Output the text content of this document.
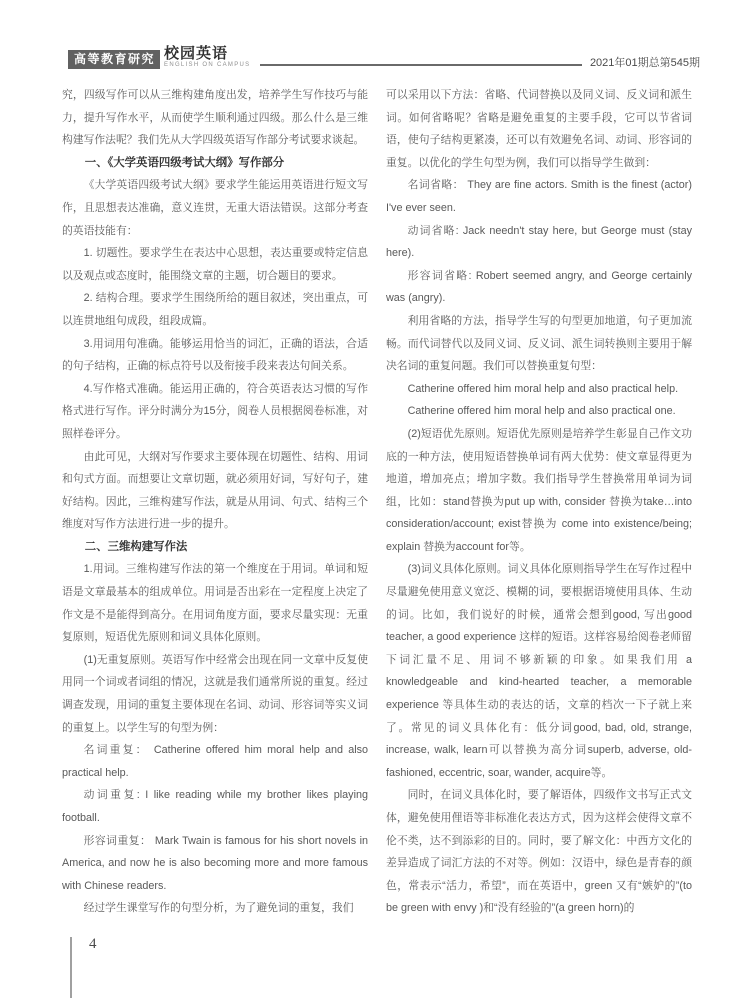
高等教育研究 校园英语
ENGLISH ON CAMPUS	2021年01期总第545期

究，四级写作可以从三维构建角度出发，培养学生写作技巧与能力，提升写作水平，从而使学生顺利通过四级。那么什么是三维构建写作法呢？我们先从大学四级英语写作部分考试要求谈起。

一、《大学英语四级考试大纲》写作部分

《大学英语四级考试大纲》要求学生能运用英语进行短文写作，且思想表达准确，意义连贯，无重大语法错误。这部分考查的英语技能有：

1. 切题性。要求学生在表达中心思想，表达重要或特定信息以及观点或态度时，能围绕文章的主题，切合题目的要求。

2. 结构合理。要求学生围绕所给的题目叙述，突出重点，可以连贯地组句成段，组段成篇。

3.用词用句准确。能够运用恰当的词汇，正确的语法，合适的句子结构，正确的标点符号以及衔接手段来表达句间关系。

4.写作格式准确。能运用正确的，符合英语表达习惯的写作格式进行写作。评分时满分为15分，阅卷人员根据阅卷标准，对照样卷评分。

由此可见，大纲对写作要求主要体现在切题性、结构、用词和句式方面。而想要让文章切题，就必须用好词，写好句子，建好结构。因此，三维构建写作法，就是从用词、句式、结构三个维度对写作方法进行进一步的提升。

二、三维构建写作法

1.用词。三维构建写作法的第一个维度在于用词。单词和短语是文章最基本的组成单位。用词是否出彩在一定程度上决定了作文是不是能得到高分。在用词角度方面，要求尽量实现：无重复原则，短语优先原则和词义具体化原则。

(1)无重复原则。英语写作中经常会出现在同一文章中反复使用同一个词或者词组的情况，这就是我们通常所说的重复。经过调查发现，用词的重复主要体现在名词、动词、形容词等实义词的重复上。以学生写的句型为例：

名词重复： Catherine offered him moral help and also practical help.

动词重复: I like reading while my brother likes playing football.

形容词重复： Mark Twain is famous for his short novels in America, and now he is also becoming more and more famous with Chinese readers.

经过学生课堂写作的句型分析，为了避免词的重复，我们

可以采用以下方法：省略、代词替换以及同义词、反义词和派生词。如何省略呢？省略是避免重复的主要手段，它可以节省词语，使句子结构更紧凑，还可以有效避免名词、动词、形容词的重复。以优化的学生句型为例，我们可以指导学生做到：

名词省略： They are fine actors. Smith is the finest (actor) I've ever seen.

动词省略: Jack needn't stay here, but George must (stay here).

形容词省略: Robert seemed angry, and George certainly was (angry).

利用省略的方法，指导学生写的句型更加地道，句子更加流畅。而代词替代以及同义词、反义词、派生词转换则主要用于解决名词的重复问题。我们可以替换重复句型：

Catherine offered him moral help and also practical help.

Catherine offered him moral help and also practical one.

(2)短语优先原则。短语优先原则是培养学生彰显自己作文功底的一种方法，使用短语替换单词有两大优势：使文章显得更为地道，增加亮点；增加字数。我们指导学生替换常用单词为词组，比如：stand替换为put up with, consider 替换为take…into consideration/account; exist替换为 come into existence/being; explain 替换为account for等。

(3)词义具体化原则。词义具体化原则指导学生在写作过程中尽量避免使用意义宽泛、模糊的词，要根据语境使用具体、生动的词。比如，我们说好的时候，通常会想到good, 写出good teacher, a good experience 这样的短语。这样容易给阅卷老师留下词汇量不足、用词不够新颖的印象。如果我们用 a knowledgeable and kind-hearted teacher, a memorable experience 等具体生动的表达的话，文章的档次一下子就上来了。常见的词义具体化有：低分词good, bad, old, strange, increase, walk, learn可以替换为高分词superb, adverse, old-fashioned, eccentric, soar, wander, acquire等。

同时，在词义具体化时，要了解语体，四级作文书写正式文体，避免使用俚语等非标准化表达方式，因为这样会使得文章不伦不类，达不到添彩的目的。同时，要了解文化：中西方文化的差异造成了词汇方法的不对等。例如：汉语中，绿色是青春的颜色，常表示“活力，希望”，而在英语中，green 又有“嫉妒的”(to be green with envy )和“没有经验的”(a green horn)的

4
